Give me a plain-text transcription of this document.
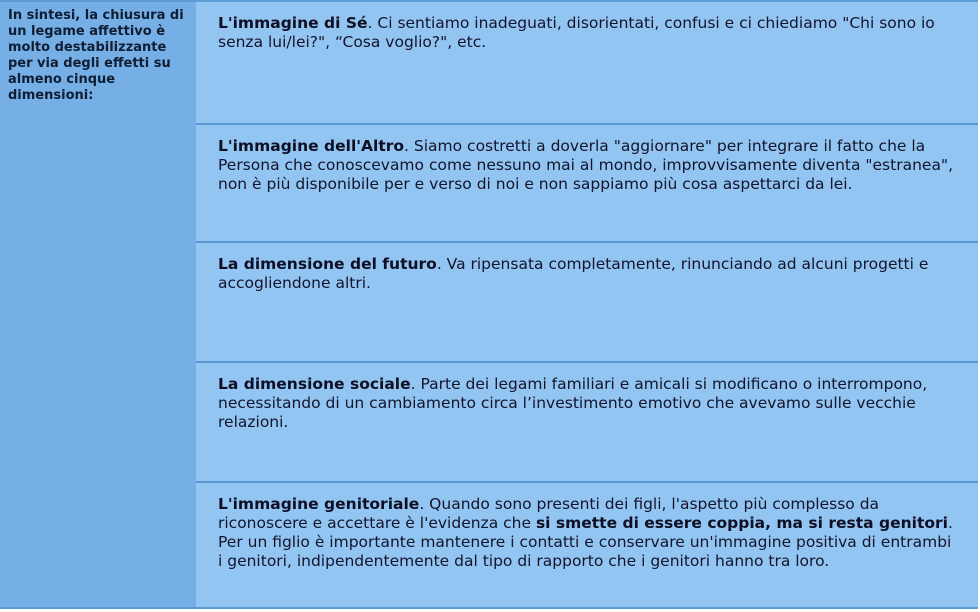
In sintesi, la chiusura di un legame affettivo è molto destabilizzante per via degli effetti su almeno cinque dimensioni:

L'immagine di Sé. Ci sentiamo inadeguati, disorientati, confusi e ci chiediamo "Chi sono io senza lui/lei?", “Cosa voglio?", etc.

L'immagine dell'Altro. Siamo costretti a doverla "aggiornare" per integrare il fatto che la Persona che conoscevamo come nessuno mai al mondo, improvvisamente diventa "estranea", non è più disponibile per e verso di noi e non sappiamo più cosa aspettarci da lei.

La dimensione del futuro. Va ripensata completamente, rinunciando ad alcuni progetti e accogliendone altri.

La dimensione sociale. Parte dei legami familiari e amicali si modificano o interrompono, necessitando di un cambiamento circa l’investimento emotivo che avevamo sulle vecchie relazioni.

L'immagine genitoriale. Quando sono presenti dei figli, l'aspetto più complesso da riconoscere e accettare è l'evidenza che si smette di essere coppia, ma si resta genitori. Per un figlio è importante mantenere i contatti e conservare un'immagine positiva di entrambi i genitori, indipendentemente dal tipo di rapporto che i genitori hanno tra loro.
